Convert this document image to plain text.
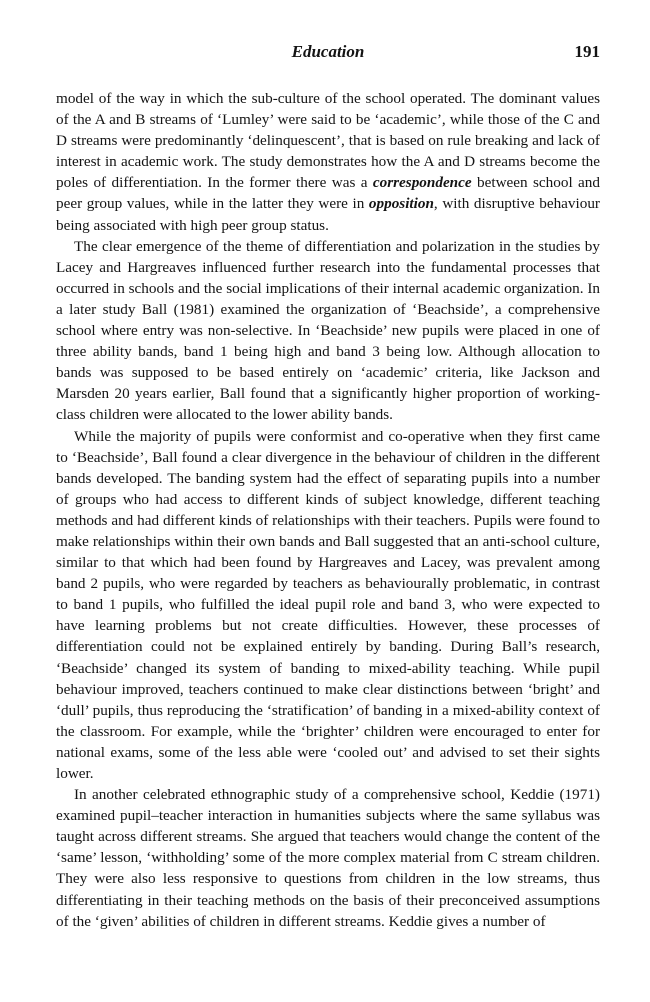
Education	191

model of the way in which the sub-culture of the school operated. The dominant values of the A and B streams of ‘Lumley’ were said to be ‘academic’, while those of the C and D streams were predominantly ‘delinquescent’, that is based on rule breaking and lack of interest in academic work. The study demonstrates how the A and D streams become the poles of differentiation. In the former there was a correspondence between school and peer group values, while in the latter they were in opposition, with disruptive behaviour being associated with high peer group status.

The clear emergence of the theme of differentiation and polarization in the studies by Lacey and Hargreaves influenced further research into the fundamental processes that occurred in schools and the social implications of their internal academic organization. In a later study Ball (1981) examined the organization of ‘Beachside’, a comprehensive school where entry was non-selective. In ‘Beachside’ new pupils were placed in one of three ability bands, band 1 being high and band 3 being low. Although allocation to bands was supposed to be based entirely on ‘academic’ criteria, like Jackson and Marsden 20 years earlier, Ball found that a significantly higher proportion of working-class children were allocated to the lower ability bands.

While the majority of pupils were conformist and co-operative when they first came to ‘Beachside’, Ball found a clear divergence in the behaviour of children in the different bands developed. The banding system had the effect of separating pupils into a number of groups who had access to different kinds of subject knowledge, different teaching methods and had different kinds of relationships with their teachers. Pupils were found to make relationships within their own bands and Ball suggested that an anti-school culture, similar to that which had been found by Hargreaves and Lacey, was prevalent among band 2 pupils, who were regarded by teachers as behaviourally problematic, in contrast to band 1 pupils, who fulfilled the ideal pupil role and band 3, who were expected to have learning problems but not create difficulties. However, these processes of differentiation could not be explained entirely by banding. During Ball’s research, ‘Beachside’ changed its system of banding to mixed-ability teaching. While pupil behaviour improved, teachers continued to make clear distinctions between ‘bright’ and ‘dull’ pupils, thus reproducing the ‘stratification’ of banding in a mixed-ability context of the classroom. For example, while the ‘brighter’ children were encouraged to enter for national exams, some of the less able were ‘cooled out’ and advised to set their sights lower.

In another celebrated ethnographic study of a comprehensive school, Keddie (1971) examined pupil–teacher interaction in humanities subjects where the same syllabus was taught across different streams. She argued that teachers would change the content of the ‘same’ lesson, ‘withholding’ some of the more complex material from C stream children. They were also less responsive to questions from children in the low streams, thus differentiating in their teaching methods on the basis of their preconceived assumptions of the ‘given’ abilities of children in different streams. Keddie gives a number of
